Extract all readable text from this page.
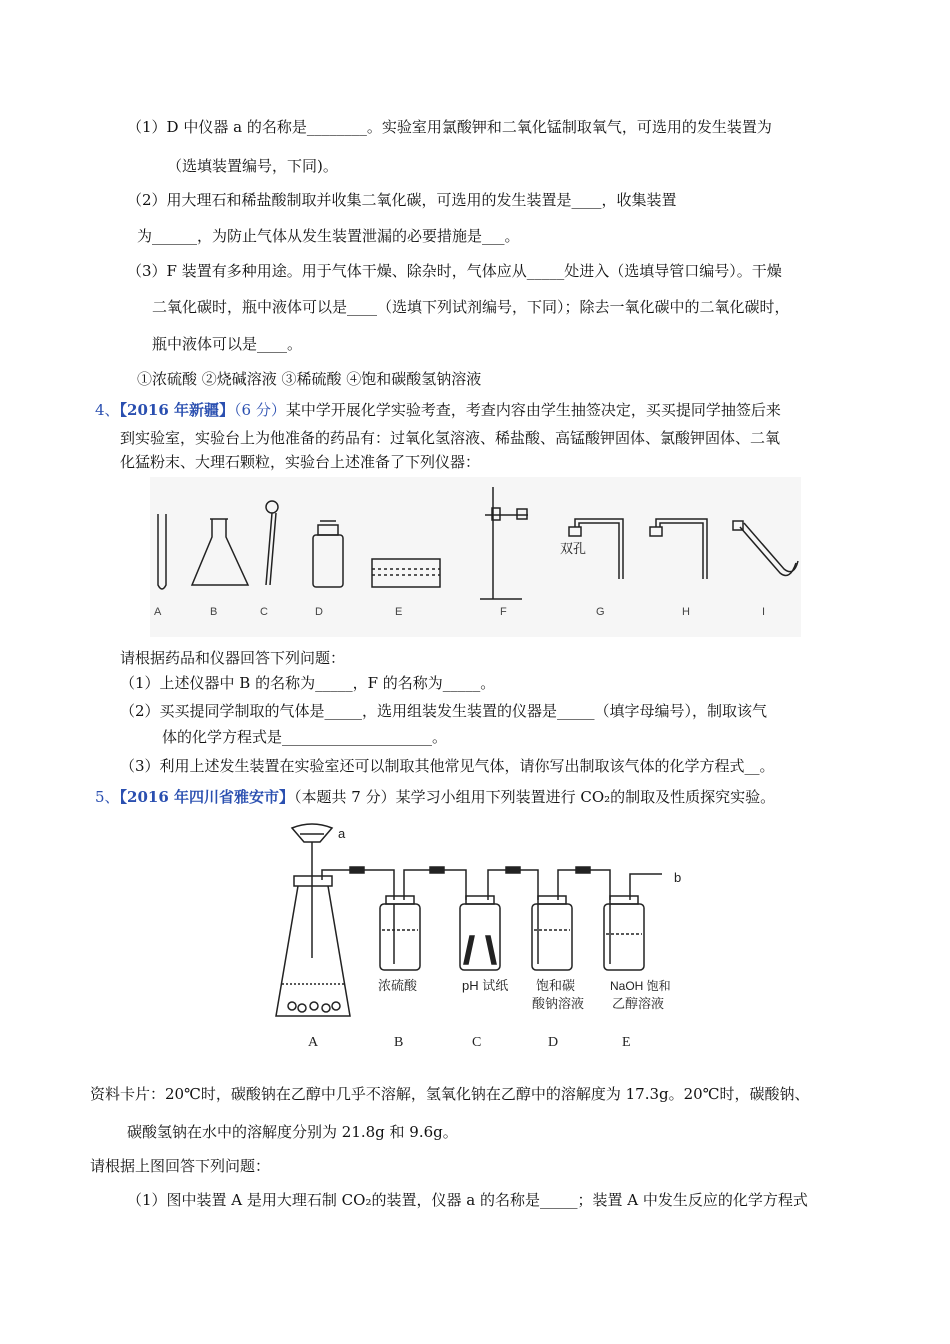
（1）D 中仪器 a 的名称是________。实验室用氯酸钾和二氧化锰制取氧气，可选用的发生装置为
（选填装置编号，下同)。
（2）用大理石和稀盐酸制取并收集二氧化碳，可选用的发生装置是____，收集装置
为______，为防止气体从发生装置泄漏的必要措施是___。
（3）F 装置有多种用途。用于气体干燥、除杂时，气体应从_____处进入（选填导管口编号）。干燥
二氧化碳时，瓶中液体可以是____（选填下列试剂编号，下同）；除去一氧化碳中的二氧化碳时，
瓶中液体可以是____。
①浓硫酸 ②烧碱溶液 ③稀硫酸 ④饱和碳酸氢钠溶液
4、【2016 年新疆】（6 分）某中学开展化学实验考查，考查内容由学生抽签决定，买买提同学抽签后来
到实验室，实验台上为他准备的药品有：过氧化氢溶液、稀盐酸、高锰酸钾固体、氯酸钾固体、二氧
化猛粉末、大理石颗粒，实验台上述准备了下列仪器：
双孔
A	B	C	D	E	F	G	H	I
请根据药品和仪器回答下列问题：
（1）上述仪器中 B 的名称为_____，F 的名称为_____。
（2）买买提同学制取的气体是_____，选用组装发生装置的仪器是_____（填字母编号），制取该气
体的化学方程式是____________________。
（3）利用上述发生装置在实验室还可以制取其他常见气体，请你写出制取该气体的化学方程式__。
5、【2016 年四川省雅安市】（本题共 7 分）某学习小组用下列装置进行 CO₂的制取及性质探究实验。
a
b
浓硫酸	pH 试纸 饱和碳
酸钠溶液
NaOH 饱和
乙醇溶液
A	B	C	D	E
资料卡片：20℃时，碳酸钠在乙醇中几乎不溶解，氢氧化钠在乙醇中的溶解度为 17.3g。20℃时，碳酸钠、
碳酸氢钠在水中的溶解度分别为 21.8g 和 9.6g。
请根据上图回答下列问题：
（1）图中装置 A 是用大理石制 CO₂的装置，仪器 a 的名称是_____；装置 A 中发生反应的化学方程式
